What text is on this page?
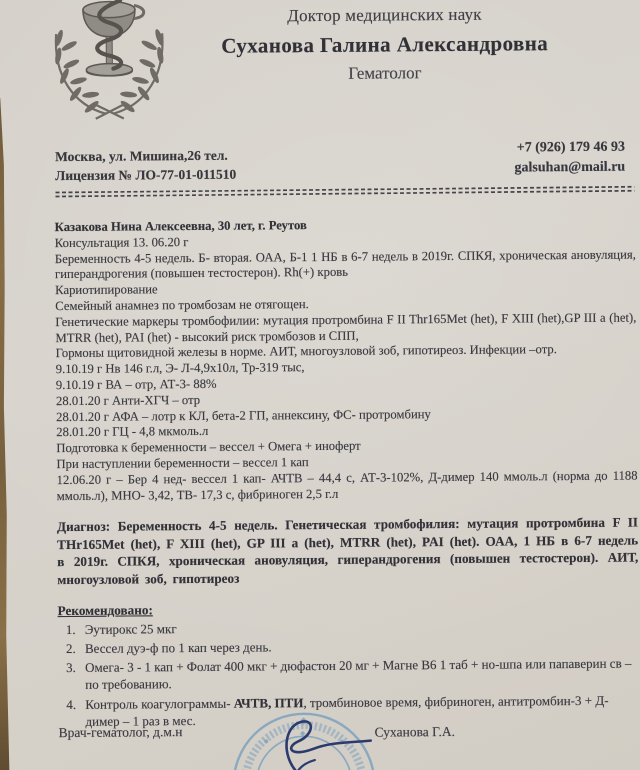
Доктор медицинских наук
Суханова Галина Александровна
Гематолог
Москва, ул. Мишина,26 тел.
Лицензия № ЛО-77-01-011510
+7 (926) 179 46 93
galsuhan@mail.ru
Казакова Нина Алексеевна, 30 лет, г. Реутов
Консультация 13. 06.20 г
Беременность 4-5 недель. Б- вторая. ОАА, Б-1 1 НБ в 6-7 недель в 2019г. СПКЯ, хроническая ановуляция, гиперандрогения (повышен тестостерон). Rh(+) кровь
Кариотипирование
Семейный анамнез по тромбозам не отягощен.
Генетические маркеры тромбофилии: мутация протромбина F II Thr165Met (het), F XIII (het),GP III a (het), MTRR (het), PAI (het) - высокий риск тромбозов и СПП,
Гормоны щитовидной железы в норме. АИТ, многоузловой зоб, гипотиреоз. Инфекции –отр.
9.10.19 г Нв 146 г.л, Э- Л-4,9х10л, Тр-319 тыс,
9.10.19 г ВА – отр, АТ-3- 88%
28.01.20 г Анти-ХГЧ – отр
28.01.20 г АФА – лотр к КЛ, бета-2 ГП, аннексину, ФС- протромбину
28.01.20 г ГЦ - 4,8 мкмоль.л
Подготовка к беременности – вессел + Омега + иноферт
При наступлении беременности – вессел 1 кап
12.06.20 г – Бер 4 нед- вессел 1 кап- АЧТВ – 44,4 с, АТ-3-102%, Д-димер 140 ммоль.л (норма до 1188 ммоль.л), МНО- 3,42, ТВ- 17,3 с, фибриноген 2,5 г.л
Диагноз: Беременность 4-5 недель. Генетическая тромбофилия: мутация протромбина F II THr165Met (het), F XIII (het), GP III a (het), MTRR (het), PAI (het). ОАА, 1 НБ в 6-7 недель в 2019г. СПКЯ, хроническая ановуляция, гиперандрогения (повышен тестостерон). АИТ, многоузловой зоб, гипотиреоз
Рекомендовано:
1. Эутирокс 25 мкг
2. Вессел дуэ-ф по 1 кап через день.
3. Омега- 3 - 1 кап + Фолат 400 мкг + дюфастон 20 мг + Магне В6 1 таб + но-шпа или папаверин св – по требованию.
4. Контроль коагулограммы- АЧТВ, ПТИ, тромбиновое время, фибриноген, антитромбин-3 + Д-димер – 1 раз в мес.
Врач-гематолог, д.м.н	Суханова Г.А.
